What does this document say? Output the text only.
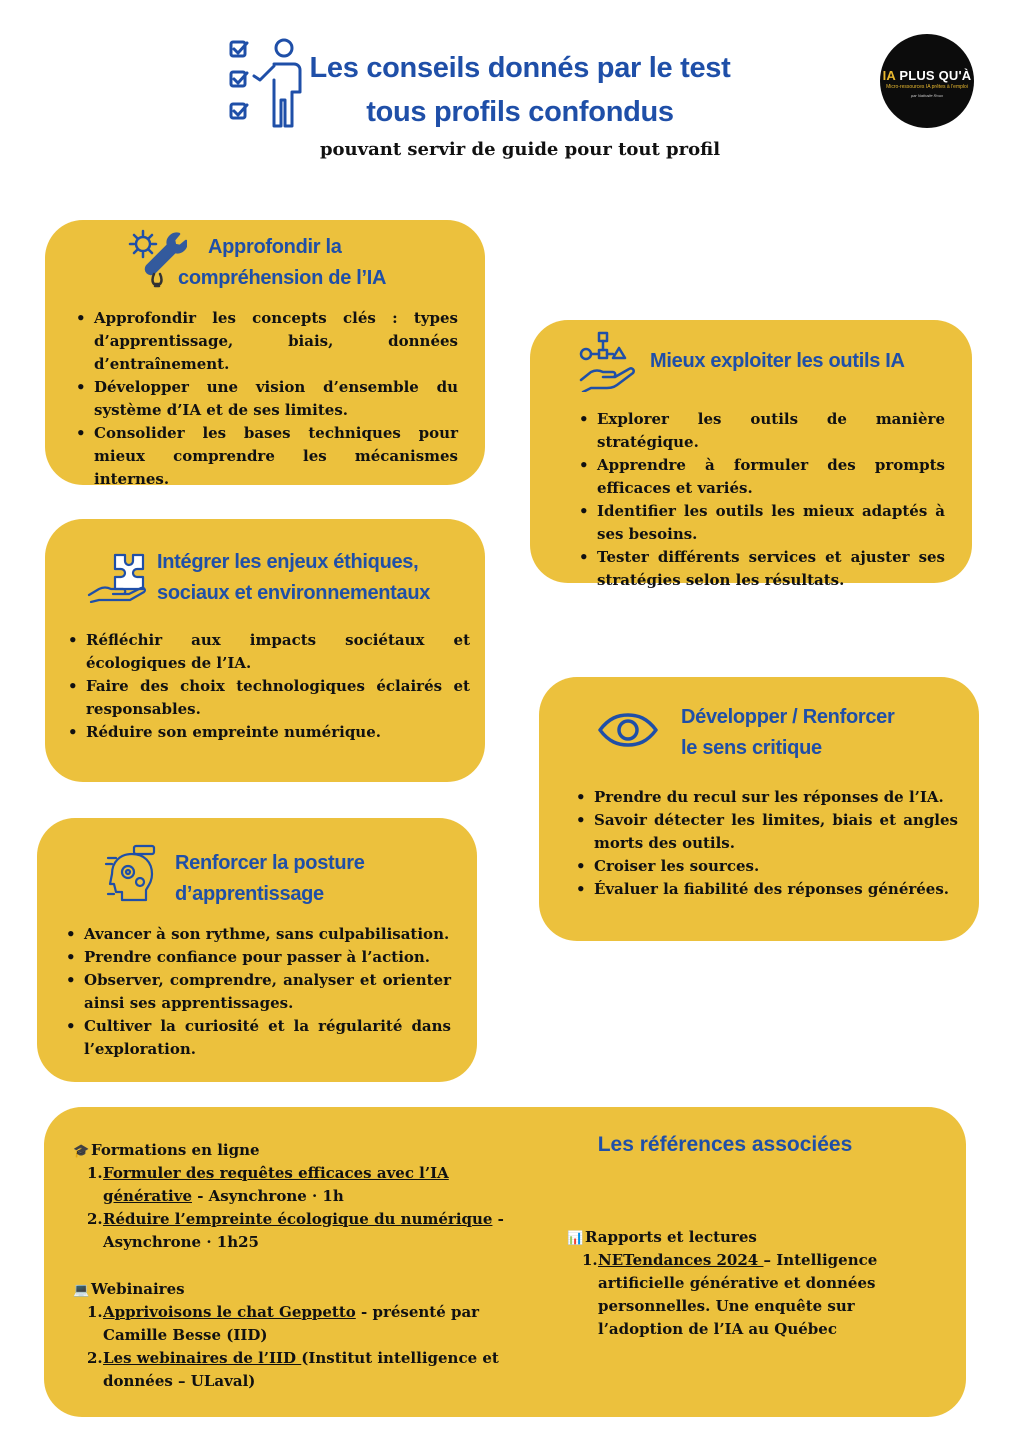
Les conseils donnés par le test
tous profils confondus
pouvant servir de guide pour tout profil
IA PLUS QU'À
Micro-ressources IA prêtes à l'emploi
par Nathalie Roux
Approfondir la
compréhension de l’IA
• Approfondir les concepts clés : types d’apprentissage, biais, données d’entraînement.
• Développer une vision d’ensemble du système d’IA et de ses limites.
• Consolider les bases techniques pour mieux comprendre les mécanismes internes.
Mieux exploiter les outils IA
• Explorer les outils de manière stratégique.
• Apprendre à formuler des prompts efficaces et variés.
• Identifier les outils les mieux adaptés à ses besoins.
• Tester différents services et ajuster ses stratégies selon les résultats.
Intégrer les enjeux éthiques,
sociaux et environnementaux
• Réfléchir aux impacts sociétaux et écologiques de l’IA.
• Faire des choix technologiques éclairés et responsables.
• Réduire son empreinte numérique.
Développer / Renforcer
le sens critique
• Prendre du recul sur les réponses de l’IA.
• Savoir détecter les limites, biais et angles morts des outils.
• Croiser les sources.
• Évaluer la fiabilité des réponses générées.
Renforcer la posture
d’apprentissage
• Avancer à son rythme, sans culpabilisation.
• Prendre confiance pour passer à l’action.
• Observer, comprendre, analyser et orienter ainsi ses apprentissages.
• Cultiver la curiosité et la régularité dans l’exploration.
Les références associées
🎓 Formations en ligne
1. Formuler des requêtes efficaces avec l’IA générative - Asynchrone · 1h
2. Réduire l’empreinte écologique du numérique - Asynchrone · 1h25
💻 Webinaires
1. Apprivoisons le chat Geppetto - présenté par Camille Besse (IID)
2. Les webinaires de l’IID (Institut intelligence et données – ULaval)
📊 Rapports et lectures
1. NETendances 2024 – Intelligence artificielle générative et données personnelles. Une enquête sur l’adoption de l’IA au Québec
